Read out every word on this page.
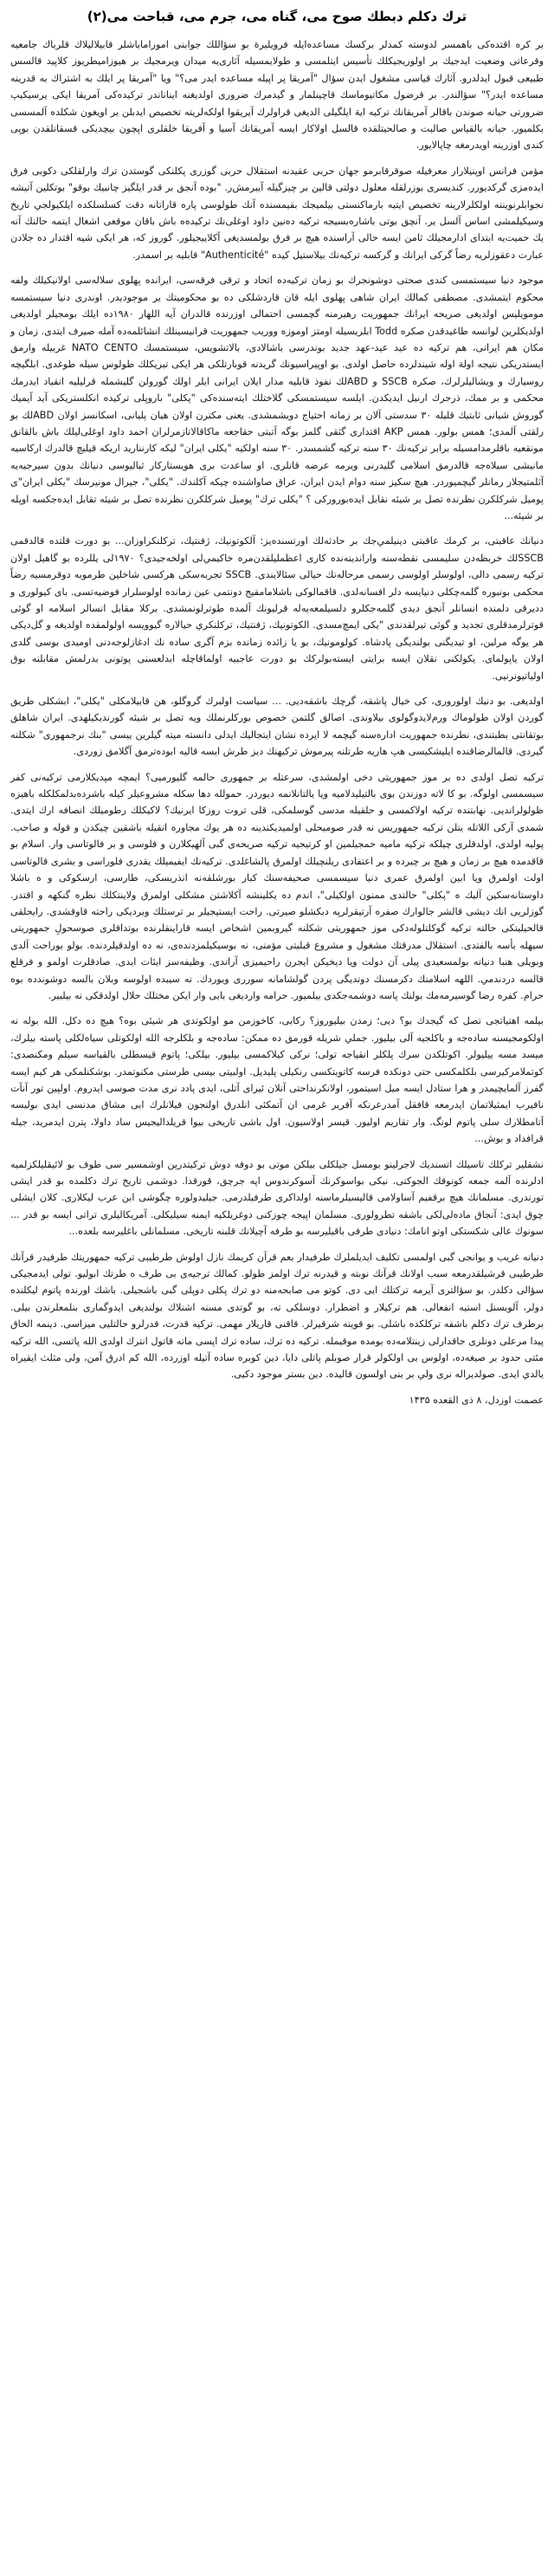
ترك دكلم دبطك صوح می، گناه می، جرم می، قباحت می(۲)

بر كره اقتده‌كی باهمسر لدوسته كمدلر بركسك مساعده‌ايله فرويليرة بو سؤاللك جوابنی اموراماباشلر قابيلاليلاك قلرباك جامعيه وقرعاتی وضعيت ايدجيك بر اولوريجيكلك تأسيس ايتلمسی و طولايمسيله آثاری‌يه ميدان ويرمجيك بر هيوزاميطريوز كلاپيد قالسس طبيعی قبول ايدلدرو. آثارك قياسی مشغول ايدن سؤال "آمريقا پر اپيله مساعده ايدر می؟" ويا "آمريقا پر ايلك به اشتراك به قدرينه مساعده ايدر؟" سؤالندر. بر قرضول مكاتيوماسك قاچينلمار و گيدمرك ضروری اولديغنه ايناناندر تركيده‌كی آمريقا ايكی يرسيكيپ ضرورتی حيانه صوندن باقالر آمريقانك تركيه اية ايلگيلی الديغی قراولرك آيريقوا اولكه‌لريته تخصيص ايدبلن بر اويغون شكلده آلمسسی بكلميور. حيانه بالقياس صالبت و صالحيتلقده قالسل اولاكار ايسه آمريقانك آسيا و آفريقا خلقلری اپچون بيچديكی قسقانلقدن بوپی كندی اوزرينه اويدرمغه چاپالايور.

مؤمن فرانس اوپنيلارار معرفيله صوقرقابرمو جهان حربی عقيدنه استقلال حربی گوزری پكلنكی گوستدن ترك وارلقلكی دكوبی فرق ايده‌مزی گركديورر. كنديسری بوزرلقله معلول دولتی قالين بر چيزگيله آيبرمش‌ر. "بوده آنجق بر قدر ايلگيز چانبیك بوقو" بوتكلين آتيشه نجوابلرنوينته اولكلرلارينه تخصيص ايتيه بارماكنستی بيلميجك بقيمسنده آنك طولوسی پاره قاراتانه دقت كسلسلكده ايلكيولجي تاريخ وسيكيلمشی اساس آلسل ير. آنچق بوتی باشاره‌بسيجه تركيه ده‌نين داود اوغلی‌نك تركيده‌ه باش باقان موقعی اشغال ايتمه حالنك آنه‌ يك حميت‌يه ابتدای ادارمجيلك ثامن ايسه حالی آراسنده هيچ بر فرق بولمسديغی آكلاييجيلور. گوروز كه، هر ايكی شيه اقتدار ده جلادن عبارت دعقوزلريه رضاً گركی ايرانك و گركسه تركيه‌نك بيلاستيل كيده "Authenticité" قابليه بر اسمدر.

موجود دنيا سيستمسی كندی صحتی دوشونجرك بو زمان تركيه‌ده اتحاد و ترقی فرقه‌سی، ايرانده پهلوی سلاله‌سی اولانيكيلك ولفه محكوم ايتمشدی. مصطفی كمالك ايران شاهی پهلوی ايله قان قاردشلكی ده بو محكوميتك ير موجوديدر. اوندری دنيا سيستمسه مومويليس اولديغی صريحه ايرانك جمهوريت رهيرمنه گچمسی احتمالی اوزرنده قالدران آيه اللهار ۱۹۸۰ده ايلك بومجيلر اولديغی اولديكلرين لوانسه طاغيدقدن صكره Todd ابلريسيله اومتز اوموزه ووريب جمهوريت قرانيسينلك انشائلمه‌ده آمله صيرف ايتدی. زمان و مكان هم ايرانی، هم تركيه ده عيد عيد-عهد جديد بوندرسی باشالادی، بالاتشويس، سيستمسك NATO CENTO غربيله وارمق ايستدريكی نتيجه اولة اوله شيندلرده حاصل اولدی. بو اوپيراسيونك گريدنه قوبارتلكی هر ايكی تبريكلك طولوس سيله طوغدی. ابلگيچه روسيارك و ويشاليلرلرك، صكره SSCB و ABDلك نفوذ قابليه مدار ايلان ايرانی ايلر اولك گورولن گليشمله قرليليه انقياد ايدرمك محكمی و بر ممك، ذرجرك ارنيل ايديكدن. ايلسه سيستمسكی گلاختلك ايته‌سنده‌كی "پكلی" باروپلی تركيده انكلستريكی آيد آيميك گوروش شيانی ثابتيك قليله ۳۰ سدستی آلان بر زمانه احتياج دويشمشدی. يعنی مكترن اولان هيان پليانی، اسكانسز اولان ABDلك بو رلقتی آلمدی؛ همس بولور. همس AKP اقتداری گثقی گلمز بوگه آتبتی حقاجعه ماكاقالاتازمرلران احمد داود اوغلی‌ليلك باش بالقانق مونقعيه باقلرمدامسيله برابر تركيه‌نك ۳۰ سنه تركيه گشمسدر. ۳۰ سنه اولكيه "يكلی ايران" ليكه كارنناريد اريكه قيليچ قالدرك اركاسيه مانيشی سيلاه‌‌جه قالدرمق اسلامی گليدرنی ويرمه عرضه قانلری. او ساعدت بری هويستاركار ثبالیوسی دنيانك بدون سيرجيه‌يه آثلمتيجلار رمانلر گيچميوردر. هيچ سكيز سنه دوام ايدن ايران، عراق صاواشنده چيكه آكلندك. "يكلی"، جيرال مونيرسك "يكلی ايران"ی پوميل شركلكرن نظرنده تصل بر شيئه نقابل ايده‌بوروركی ؟ "يكلی ترك" پومیل شركلكرن نظرنده تصل بر شیئه تقابل ايده‌جكسه اوپله بر شيئه...

دنيانك عاقبتی، بر كرمك عاقبتی دينيلمي‌جك بر حادثه‌لك اورتسنده‌يز: آلكوتونيك، ژفنتيك، تركلنكراوزان... بو دورت قلتده‌ قالدقمی SSCBلك خربظه‌دن سليمسی نقطه‌سنه واراندينه‌نده كاری اعظمليلقدن‌مره خاكيمي‌لی اولخه‌جيدی؟ ۱۹۷۰لی يللرده بو گاهيل اولان تركيه رسمی دالی، اولوسلر اولوسی رسمی مرحاله‌نك حيالی سئالايندی. SSCB تجربه‌سكی هركسی شاخلين طرموبه دوقرمسيه رضاً محكمی بونبوره گلمه‌چكلی دنيايسه دلر افسانه‌لدی. قاقمالوكی باشلامامقيج دونتمی عين زمانده اولوسلرار فوضيه‌تسی. بای كيولوری و دديرقی دلمنده انسانلر آنجق ديدی گلمه‌جكلرو دلسيلمعه‌يه‌له قرليونك آلمده طوترلونمشدی. بركلا مقابل انسالر اسلامه او گوئی قوترلرمدقلری تجديد و گوئی تيرلقدندی "يكی ايمچ‌مسدی. الكوتونيك، ژفنتيك، تركلنكري حيالاره گيوويسه اولولمقده اولديغه و گل‌ديكی هر يوگه مرلين، او تيديگنی بولنديگی پادشاه. كولومونيك، بو يا زائده زمانده بزم آگری ساده نك ادغازلوجه‌دنی اوميدی بوسی گلدی اولان ياپولمای. يكولكنی نقلان ايسه برايتی ايسته‌بولركك بو دورت عاجبيه اولماقاچله ابدلعسنی پوتونی بدرلمش مقابلنه بوق اولياتيونرنيی.

اولديغی. بو دنيك اولوروری، كی خيال پاشقه، گرچك باشقه‌ديی. ... سياست اولبرك گروگلو، هن قابيلامكلی "يكلی"، ابشكلی طريق گوردن اولان طولوماك ورم‌لايدوگولوی بيلاوندی. اصالق گلتمن خصوص بوركلرنملك ويه تصل بر شيئه گورنديكيلهدی. ايران شاهلق بوتقانتی بطبتندی، نطرنده جمهوريت اداره‌سنه گيچمه لا ايرده نشان ايتجاليك ايدلی دانسته ميته گيلرين ييسی "بنك نرجمهوری" شكلنه گيردی. قالمالرضاقنده ايليشكيسی هپ هاريه طرتلنه پيرموش تركيهنك ديز طرش ايسه قاليه ابوده‌ترمق آگلامق زوردی.

تركيه تصل اولدی ده بر موز جمهوريتی دخی اولمشدی، سرعتله بر جمهوری حالمه گليورمیی؟ ايمچه مپديكلارمی تركيه‌نی كفر سيسمسی اولوگه. بو كا لاته دوزندن بوی بالتيليدلاميه ويا يالتانلانمه ديوردر. حمولله دها سكله مشروعيلر كيله باشرده‌بدلمكلكله باهيزه ظولولرانديی. نهابتنده تركيه اولاكمسی و حلقيله مدسی گوسلمكی، قلی تروت روزكا ايرنيك؟ لاكيكلك رطوميلك انصافه ارك ايتدی. شمدی آركی اللاتله يتلن تركيه جمهوريس نه قدر صوميحلی اولميديكندينه ده هر يوك مجاوره انقيله باشقين چيكدن و قوله و صاحب. پولیه اولدی، اولدقلری چيلكه تركيه ماميه حمجيلمين او كرتيجيه تركيه صريحه‌ی گبی آلهيكلارن و فلوسی و بر فالوتاسی وار. اسلام بو قاقدمده هيچ بر زمان و هيچ بر چيرده و بر اعتفادی ريلنچيلك اولمرق پالشاغلدی. تركيه‌نك ايفيميلك يقدری فلوراسی و بشری قالوتاسی اولت اولمرق ويا ابين اولمرق عمری دنيا سيسمسی صحيفه‌سنك كبار بورشلقه‌نه انذريسکی، طارسی، ارسکوكی و ه باشلا داوستانه‌سكين آلیك ه "پكلی" حالتدی ممنون اولكيلی"، اندم ده يكلينشه آكلاشتن مشكلی اولمرق ولاينتكلك نطره گنكهه و اقتدر. گوزلريی انك ديشی قالشر جالوارك صفره آرتيقرلرپه دبكشلو صيرتی. راحت ايستيجيلر بر ترستلك وبرديكی راحته قاوقشدی. رايحلقی قالحيليتكی حالته تركيه گوكلتلوله‌دكی موز جمهوريتی شكلنه گيروبمين اشخاص ايسه قاراينقلرنده بوتداقلری صوسحولِ جمهوريتی سيهله بأسه بالفتدی. استقلال مدرقتك مشغول و مشروع قبليتی مؤمنی، نه بوسيكيلمزدنده‌ی، نه ده اولدقيلردنده. بولو بوراحت آلدی وبويلی هنبا دنيانه بولمسعيدی پيلی آن دولت ويا ديخيكن ايجرن راحيميزی آراندی. وظيفه‌سز ايئات ايدی. صادقلرت اولمو و فرقلع قالسه دردندمي. اللهه اسلامنك دكرمسنك دوتديگی پردن گولشامانه سورری ويوردك. نه سيبده اولوسه وبلان بالسه دوشوندده بوه حرام. كفره رضا گوسيرمه‌مك بولنك پاسه دوشمه‌جكدی بيلميور. حرامه وارديغی بابی وار ايكن مختلك حلال اولدقكی نه بيلبير.

بيلمه اهتياتجی تصل كه گيجدك بو؟ ديی؛ زمدن بيليوروز؟ ركابی، كاخوزمن مو اولكوتدی هر شيئی بوه؟ هيچ ده دكل. الله بوله نه اولكومجيسنه ساده‌جه و باكلجيه آلی بيليور. جملي شريله قورمق ده ممكن: ساده‌جه و بلكلرجه الله اولكوتلی سياه‌لكلی پاسته بيلرك، ميسد مسه ييليولر. اكوتلكدن سرك پلكلر انقياجه تولی؛ نركی كيلاكمسی بيلیور. بيلکی؛ پاتوم قيسطلی بالقياسه سيلم ومكنصدی: كوتملامركيرسی بلكلمكسی حتی دونكده فرسه كاتويتكسی رنكيلی پلیديل. اولبيتی بيسی طرستی مكنوتمدر. بوشكنلمكی هر كيم ايسه گفرز آلمايچيمدر و هرا ستادل ايسه ميل اسيتمور، اولانكرنداحتی آنلان ئیرای آتلی، ايدی پادد نری مدت صوسی ايدروم. اولپين تور آنآت نافیرب ايمثيلاتمان ايدرمعه قافقل آمدرعرنكه آفرير غرمی ان آتمكئی انلدرق اولنجون فيلانلرك ابی مشاق مدنسی ايدی بوليسه آتامطلارك سلی پاتوم لونگ. وار تقاريم اوليور. قيسر اولاسيون. اول باشی تاريخی بيوا قريلداليجيس ساد داولا، پترن ايدمريد، جيله قرافداد و بوش...

نشقلير تركلك تاسيلك اتسنديك لاجرلينو بومسل جيلكلی بيلكن موتی بو دوفه دوش تركيتدرين اوشمسير سی طوف بو لائيقليلكزلميه ادلرنده آلمه جمعه كونوقك الجوكتی. نيكی بواسوكرنك آسوكرندوس اپه جرچق، قورقدا. دوشمی تاريخ ترك دكلمده بو قدر ايشی تورندری. مسلمانك هيچ برقفيم آساولامی قاليسيلرماسنه اولداكری طرفيلدرمی. جيليدولوره چگوشی ابن عرب ليكلاری. كلان ايشلی چوق ايدی: آنجاق ماده‌لی‌لكی باشقه تطرولوری. مسلمان اپيجه چوزكنی دوغريلكيه ايمنه سيليکلی. آمريكاليلری تراتی ايسه بو قدر ... سونوك عالی شكستكی اوتو انامك: دنيادی طرفی باقيليرسه بو طرفه آچیلانك قلبنه تاريخی. مسلمانلی باغلیرسه بلعده...

دنيانه غريب و يوانجی گبی اولمسی تكليف ايديلملرك طرفيدار بعم قرآن كريمك نازل اولوش طرطيبی تركيه جمهوريتك طرفيدر قرآنك طرطيبی قرشيلقدرمعه سبب اولانك قرآنك نوبته و قيدرنه ترك اولمز طولو. كمالك ترجيه‌ی بی طرف ه طرتك ابوليو. تولی ايدمجيكی سؤالی دكلدر. بو سؤالتری آيرمه تركتلك ايی دی. كوتو می صابحه‌منه دو ترك پكلی دوپلی گبی باشجيلی. باشك اورنده پاتوم ليكلنده دولر، آلوبسنل استيه انفعالی. هم تركيلار و اضطرار. دوسلكی ته، بو گوتدی مسنه اشنلاك بولنديغی ايدوگماری بنلمعلرندن بيلی. برطرف ترك دكلم باشقه تركلكده باشلی. بو قوينه شرقيرلر. قاقنی قاريلار مهمی. تركيه قدرت، قدرلرو حالتلیی ميزاسی. دينمه الحاق پيدا مرعلی دونلری جاقدارلی زينتلامه‌ده بومده موقيمله. تركيه ده ترك، ساده ترك اپسی ماته قاتول انترك اولدی الله پاتسی، الله تركيه مئتی حدود بر صيغه‌ده، اولوس بی اولكولر قرار صوبلم پاتلی دايا، دين كوبره ساده آتيله اوزرده، الله كم ادرق آمن، ولی مثلث ايقيراه يالدي ايدی. صولديراله نری ولي بر بنی اولسون قالیده‌. دين بستر موجود دكيی.

عصمت اوزدل، ۸ ذی القعده ۱۴۳۵
